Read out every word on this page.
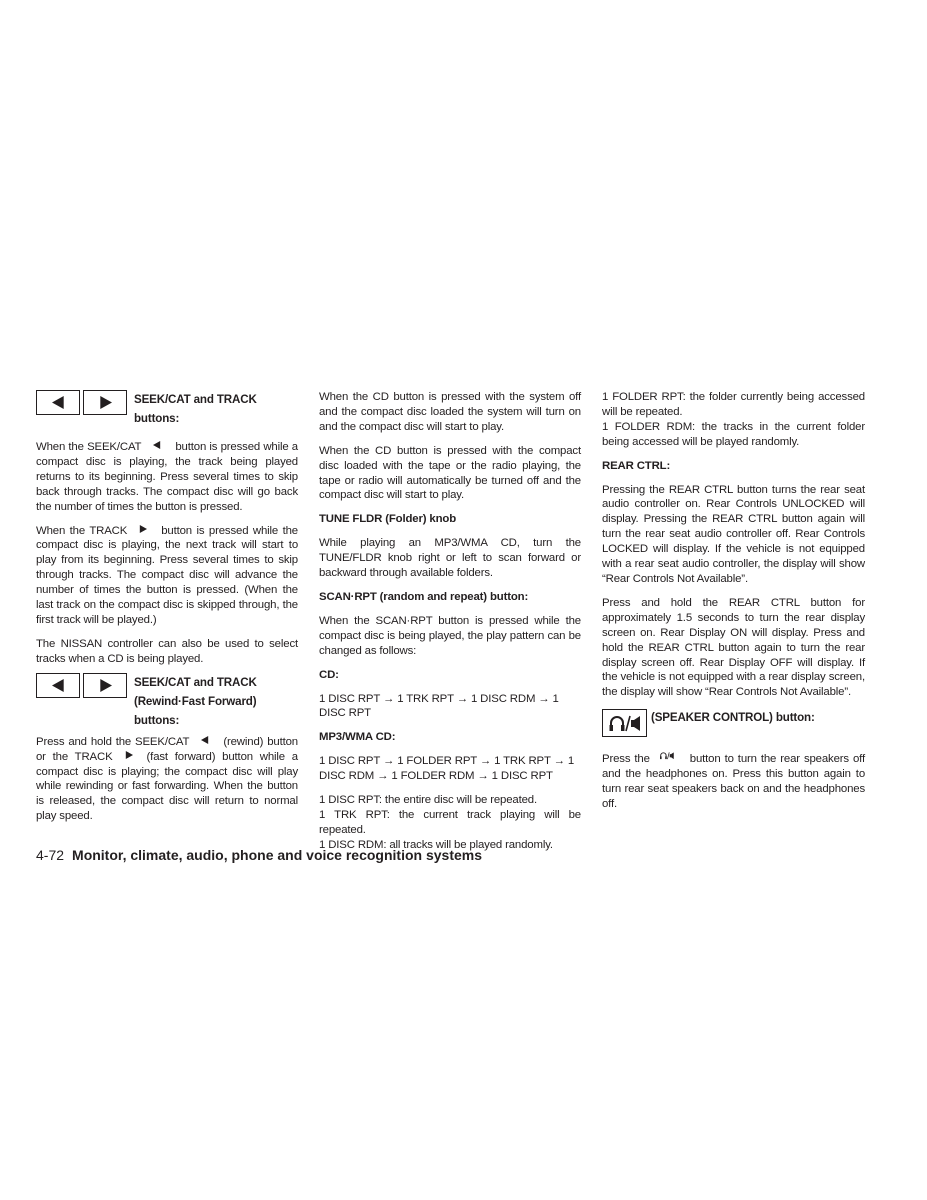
SEEK/CAT and TRACK buttons:

When the SEEK/CAT	button is pressed while a compact disc is playing, the track being played returns to its beginning. Press several times to skip back through tracks. The compact disc will go back the number of times the button is pressed.

When the TRACK	button is pressed while the compact disc is playing, the next track will start to play from its beginning. Press several times to skip through tracks. The compact disc will advance the number of times the button is pressed. (When the last track on the compact disc is skipped through, the first track will be played.)

The NISSAN controller can also be used to select tracks when a CD is being played.

SEEK/CAT and TRACK (Rewind·Fast Forward) buttons:

Press and hold the SEEK/CAT	(rewind) button or the TRACK	(fast forward) button while a compact disc is playing; the compact disc will play while rewinding or fast forwarding. When the button is released, the compact disc will return to normal play speed.

When the CD button is pressed with the system off and the compact disc loaded the system will turn on and the compact disc will start to play.

When the CD button is pressed with the compact disc loaded with the tape or the radio playing, the tape or radio will automatically be turned off and the compact disc will start to play.

TUNE FLDR (Folder) knob

While playing an MP3/WMA CD, turn the TUNE/FLDR knob right or left to scan forward or backward through available folders.

SCAN·RPT (random and repeat) button:

When the SCAN·RPT button is pressed while the compact disc is being played, the play pattern can be changed as follows:

CD:

1 DISC RPT → 1 TRK RPT → 1 DISC RDM → 1 DISC RPT

MP3/WMA CD:

1 DISC RPT → 1 FOLDER RPT → 1 TRK RPT → 1 DISC RDM → 1 FOLDER RDM → 1 DISC RPT

1 DISC RPT: the entire disc will be repeated.

1 TRK RPT: the current track playing will be repeated.

1 DISC RDM: all tracks will be played randomly.

1 FOLDER RPT: the folder currently being accessed will be repeated.

1 FOLDER RDM: the tracks in the current folder being accessed will be played randomly.

REAR CTRL:

Pressing the REAR CTRL button turns the rear seat audio controller on. Rear Controls UNLOCKED will display. Pressing the REAR CTRL button again will turn the rear seat audio controller off. Rear Controls LOCKED will display. If the vehicle is not equipped with a rear seat audio controller, the display will show “Rear Controls Not Available”.

Press and hold the REAR CTRL button for approximately 1.5 seconds to turn the rear display screen on. Rear Display ON will display. Press and hold the REAR CTRL button again to turn the rear display screen off. Rear Display OFF will display. If the vehicle is not equipped with a rear display screen, the display will show “Rear Controls Not Available”.

(SPEAKER CONTROL) button:

Press the	button to turn the rear speakers off and the headphones on. Press this button again to turn rear seat speakers back on and the headphones off.

4-72 Monitor, climate, audio, phone and voice recognition systems
